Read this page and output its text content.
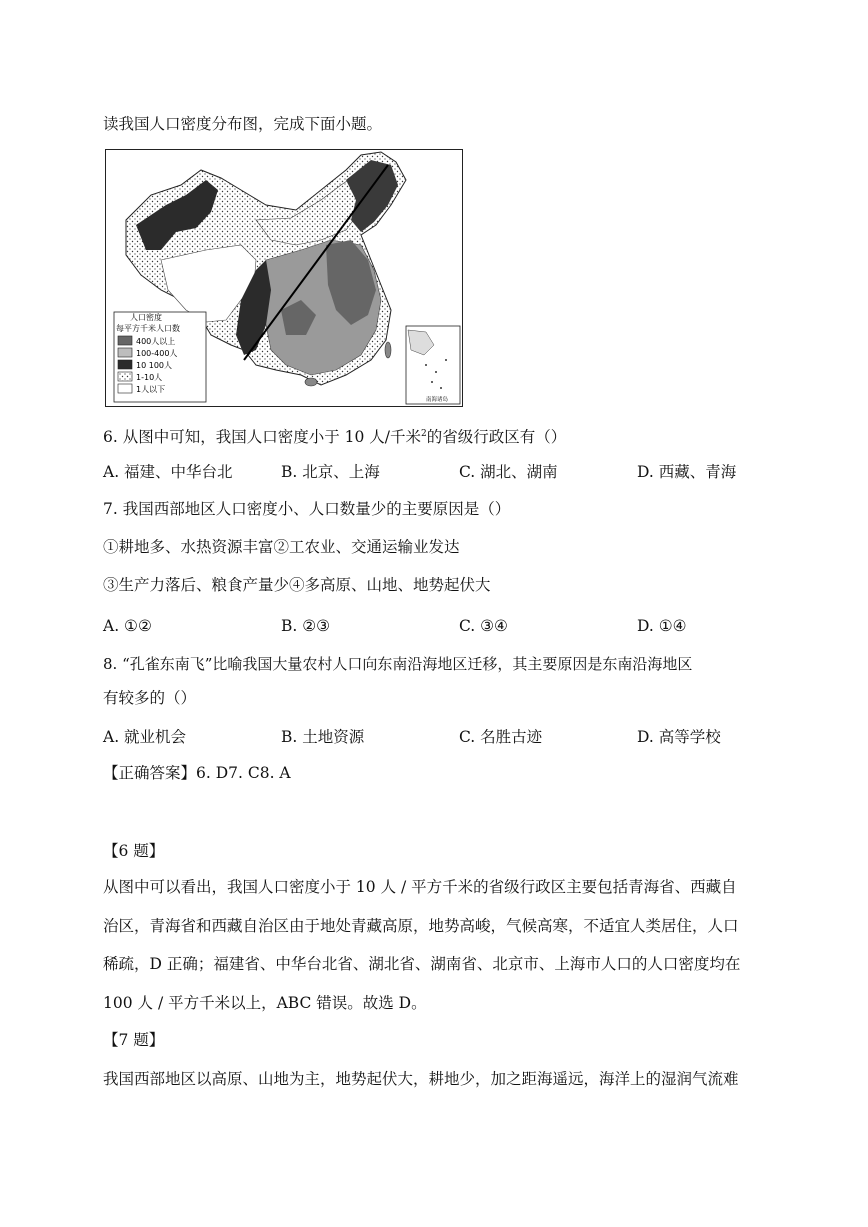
读我国人口密度分布图，完成下面小题。
人口密度
每平方千米人口数
400人以上
100-400人
10 100人
1-10人
1人以下
南海诸岛
6. 从图中可知，我国人口密度小于 10 人/千米$^2$的省级行政区有（）
A. 福建、中华台北	B. 北京、上海	C. 湖北、湖南	D. 西藏、青海
7. 我国西部地区人口密度小、人口数量少的主要原因是（）
①耕地多、水热资源丰富②工农业、交通运输业发达
③生产力落后、粮食产量少④多高原、山地、地势起伏大
A. ①②	B. ②③	C. ③④	D. ①④
8. “孔雀东南飞”比喻我国大量农村人口向东南沿海地区迁移，其主要原因是东南沿海地区
有较多的（）
A. 就业机会	B. 土地资源	C. 名胜古迹	D. 高等学校
【正确答案】6. D7. C8. A
【6 题】
从图中可以看出，我国人口密度小于 10 人 / 平方千米的省级行政区主要包括青海省、西藏自
治区，青海省和西藏自治区由于地处青藏高原，地势高峻，气候高寒，不适宜人类居住，人口
稀疏，D 正确；福建省、中华台北省、湖北省、湖南省、北京市、上海市人口的人口密度均在
100 人 / 平方千米以上，ABC 错误。故选 D。
【7 题】
我国西部地区以高原、山地为主，地势起伏大，耕地少，加之距海遥远，海洋上的湿润气流难
